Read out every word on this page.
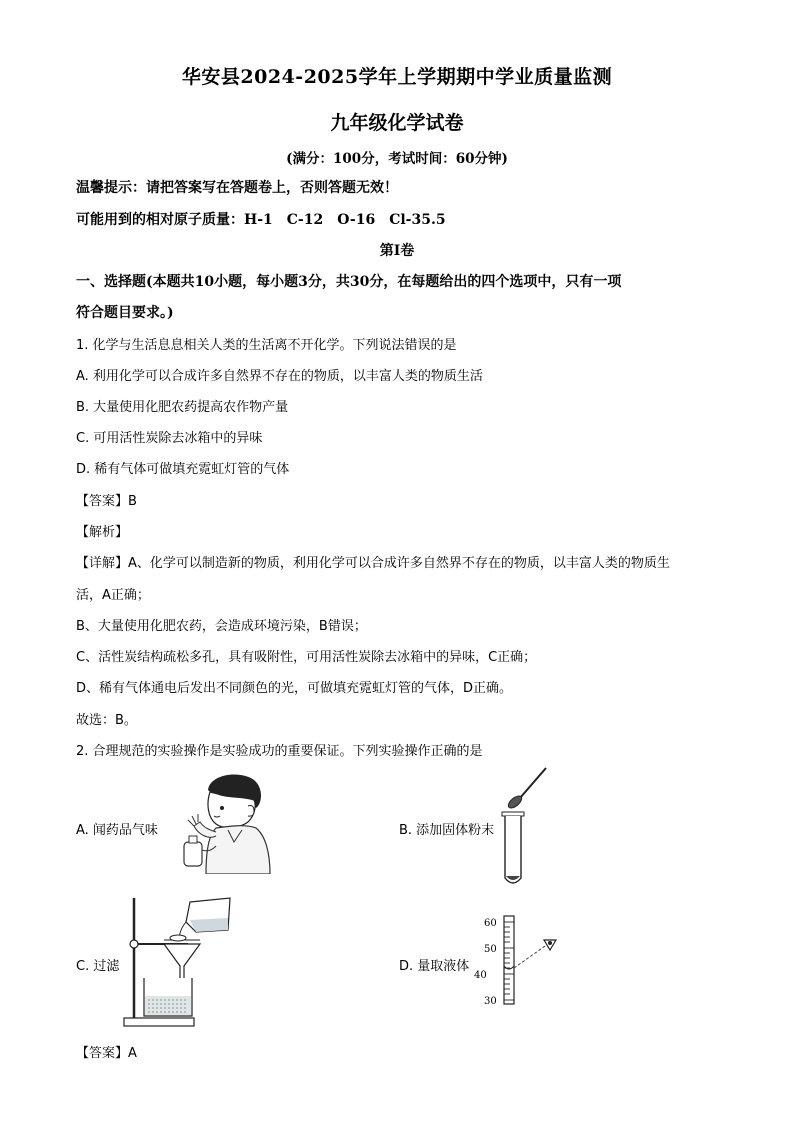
华安县2024-2025学年上学期期中学业质量监测
九年级化学试卷
(满分：100分，考试时间：60分钟)
温馨提示：请把答案写在答题卷上，否则答题无效！
可能用到的相对原子质量：H-1　C-12　O-16　Cl-35.5
第Ⅰ卷
一、选择题(本题共10小题，每小题3分，共30分，在每题给出的四个选项中，只有一项
符合题目要求。)
1. 化学与生活息息相关人类的生活离不开化学。下列说法错误的是
A. 利用化学可以合成许多自然界不存在的物质，以丰富人类的物质生活
B. 大量使用化肥农药提高农作物产量
C. 可用活性炭除去冰箱中的异味
D. 稀有气体可做填充霓虹灯管的气体
【答案】B
【解析】
【详解】A、化学可以制造新的物质，利用化学可以合成许多自然界不存在的物质，以丰富人类的物质生
活，A正确；
B、大量使用化肥农药，会造成环境污染，B错误；
C、活性炭结构疏松多孔，具有吸附性，可用活性炭除去冰箱中的异味，C正确；
D、稀有气体通电后发出不同颜色的光，可做填充霓虹灯管的气体，D正确。
故选：B。
2. 合理规范的实验操作是实验成功的重要保证。下列实验操作正确的是
A. 闻药品气味	B. 添加固体粉末
C. 过滤	D. 量取液体
60
50
40
30
【答案】A
